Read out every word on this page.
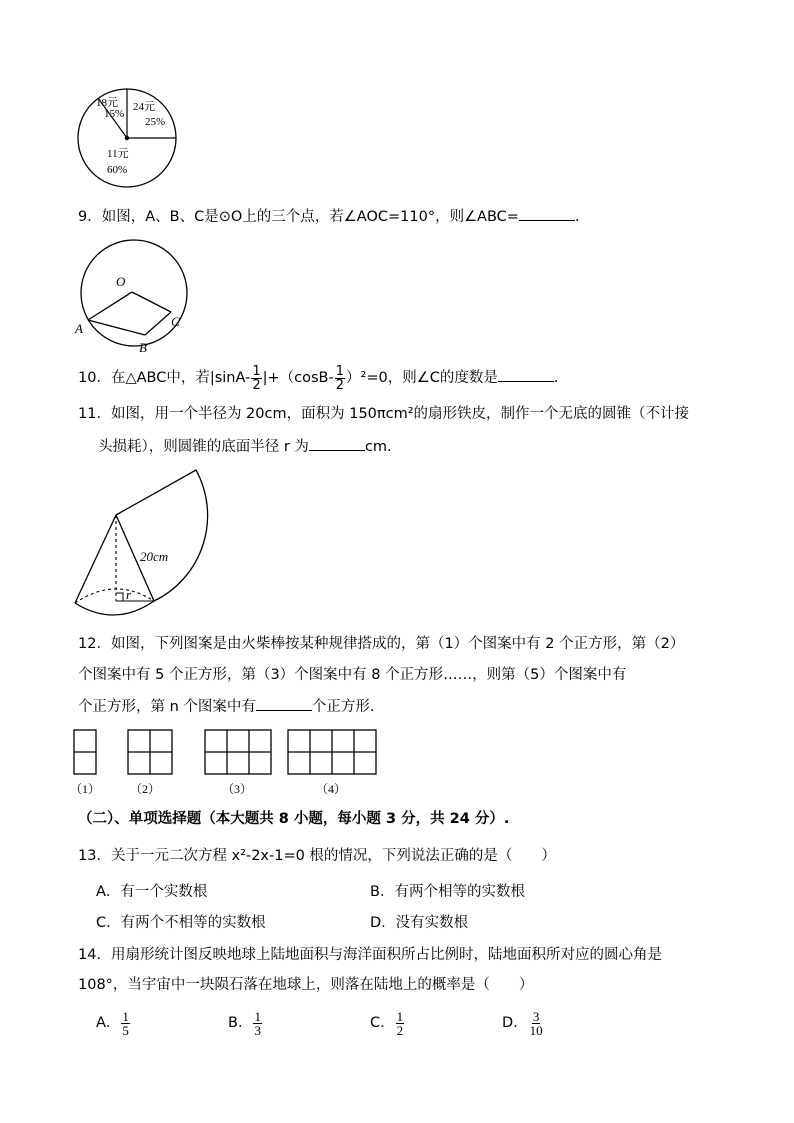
18元
15%
24元
25%
11元
60%
9．如图，A、B、C是⊙O上的三个点，若∠AOC=110°，则∠ABC=	.
O
A
B
C
10．在△ABC中，若$|\sin A- \frac{1}{2} |+(\cos B- \frac{1}{2} )^2=0$，则∠C的度数是	.
11．如图，用一个半径为 20cm，面积为 150πcm²的扇形铁皮，制作一个无底的圆锥（不计接
头损耗），则圆锥的底面半径 r 为	cm.
20cm
r
12．如图，下列图案是由火柴棒按某种规律搭成的，第（1）个图案中有 2 个正方形，第（2）
个图案中有 5 个正方形，第（3）个图案中有 8 个正方形……，则第（5）个图案中有
个正方形，第 n 个图案中有	个正方形.
（1） （2）	（3）	（4）
（二）、单项选择题（本大题共 8 小题，每小题 3 分，共 24 分）.
13．关于一元二次方程 x²-2x-1=0 根的情况，下列说法正确的是（　　）
A．有一个实数根	B．有两个相等的实数根
C．有两个不相等的实数根	D．没有实数根
14．用扇形统计图反映地球上陆地面积与海洋面积所占比例时，陆地面积所对应的圆心角是
108°，当宇宙中一块陨石落在地球上，则落在陆地上的概率是（　　）
A． $\frac{1}{5}$	B． $\frac{1}{3}$	C． $\frac{1}{2}$	D． $\frac{3}{10}$
